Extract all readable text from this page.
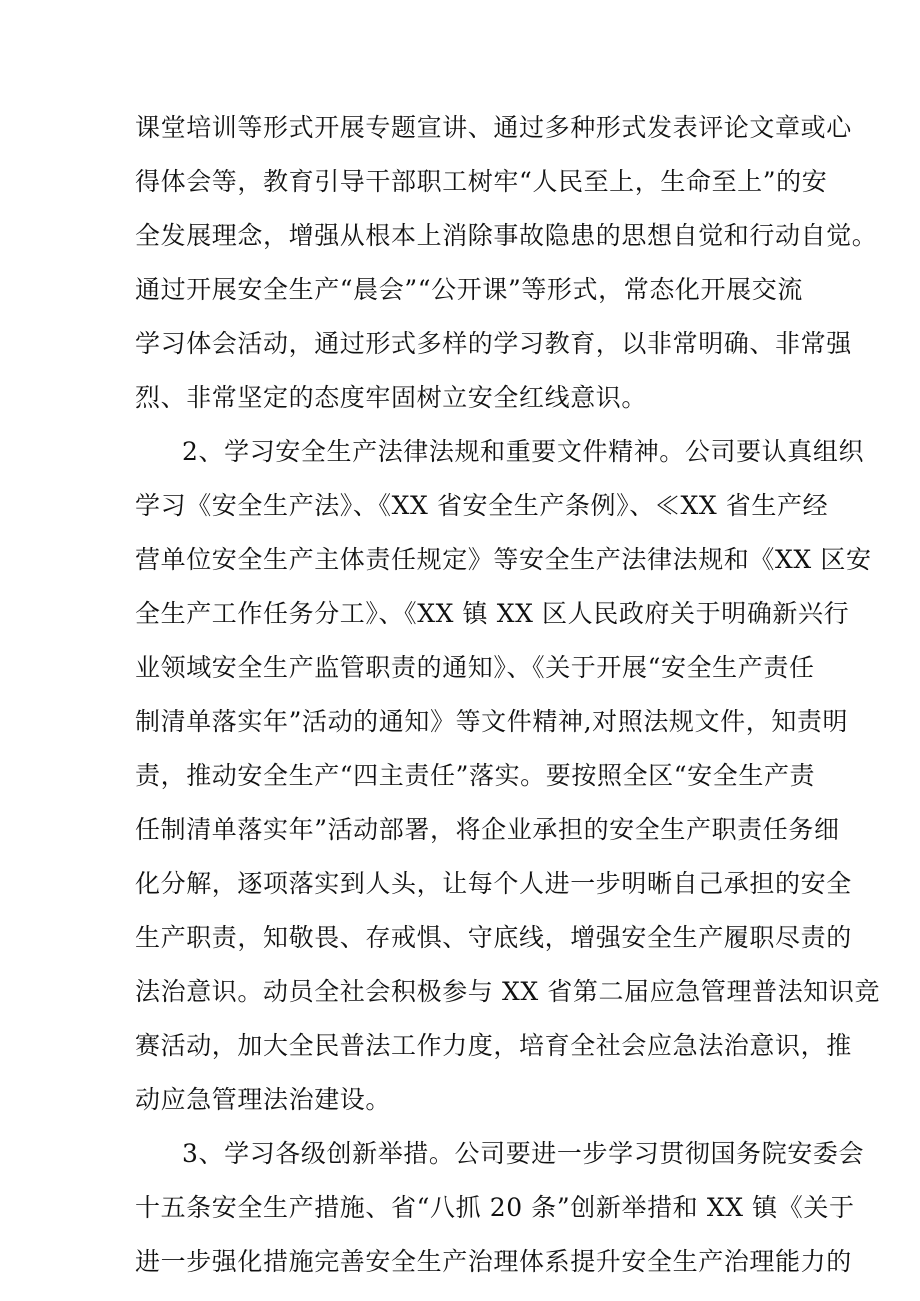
课堂培训等形式开展专题宣讲、通过多种形式发表评论文章或心
得体会等，教育引导干部职工树牢“人民至上，生命至上”的安
全发展理念，增强从根本上消除事故隐患的思想自觉和行动自觉。
通过开展安全生产“晨会”“公开课”等形式，常态化开展交流
学习体会活动，通过形式多样的学习教育，以非常明确、非常强
烈、非常坚定的态度牢固树立安全红线意识。
2、学习安全生产法律法规和重要文件精神。公司要认真组织
学习《安全生产法》、《XX 省安全生产条例》、≪XX 省生产经
营单位安全生产主体责任规定》等安全生产法律法规和《XX 区安
全生产工作任务分工》、《XX 镇 XX 区人民政府关于明确新兴行
业领域安全生产监管职责的通知》、《关于开展“安全生产责任
制清单落实年”活动的通知》等文件精神,对照法规文件，知责明
责，推动安全生产“四主责任”落实。要按照全区“安全生产责
任制清单落实年”活动部署，将企业承担的安全生产职责任务细
化分解，逐项落实到人头，让每个人进一步明晰自己承担的安全
生产职责，知敬畏、存戒惧、守底线，增强安全生产履职尽责的
法治意识。动员全社会积极参与 XX 省第二届应急管理普法知识竞
赛活动，加大全民普法工作力度，培育全社会应急法治意识，推
动应急管理法治建设。
3、学习各级创新举措。公司要进一步学习贯彻国务院安委会
十五条安全生产措施、省“八抓 20 条”创新举措和 XX 镇《关于
进一步强化措施完善安全生产治理体系提升安全生产治理能力的
